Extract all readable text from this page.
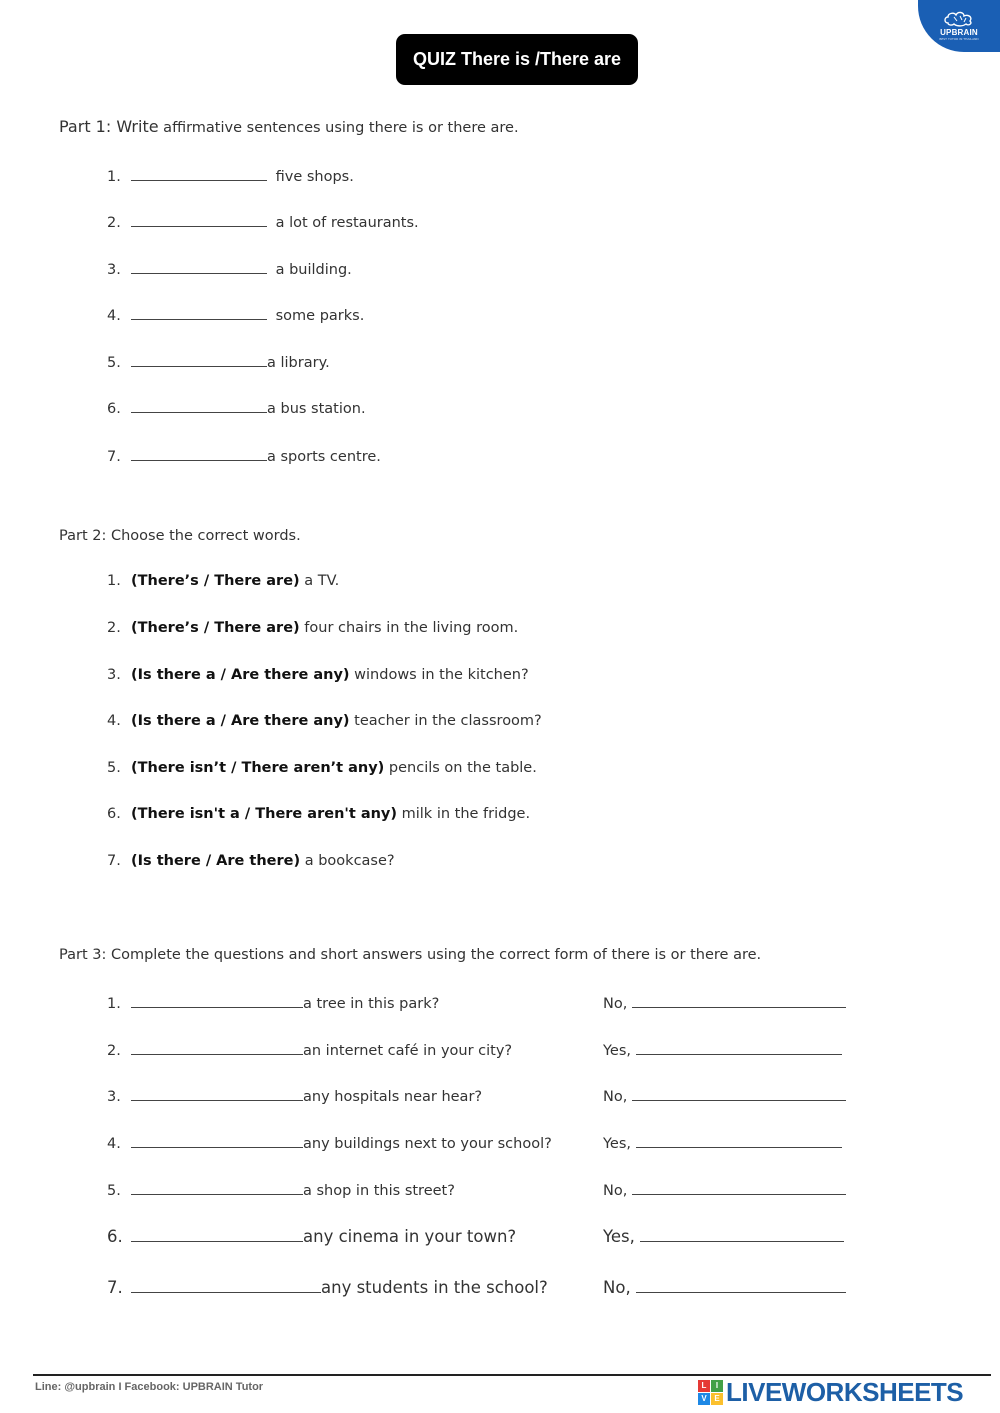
UPBRAIN
BEST TUTOR IN THAILAND
QUIZ There is /There are
Part 1: Write affirmative sentences using there is or there are.
1.	five shops.
2.	a lot of restaurants.
3.	a building.
4.	some parks.
5.	a library.
6.	a bus station.
7.	a sports centre.
Part 2: Choose the correct words.
1. (There’s / There are) a TV.
2. (There’s / There are) four chairs in the living room.
3. (Is there a / Are there any) windows in the kitchen?
4. (Is there a / Are there any) teacher in the classroom?
5. (There isn’t / There aren’t any) pencils on the table.
6. (There isn't a / There aren't any) milk in the fridge.
7. (Is there / Are there) a bookcase?
Part 3: Complete the questions and short answers using the correct form of there is or there are.
1.	a tree in this park?	No,
2.	an internet café in your city?	Yes,
3.	any hospitals near hear?	No,
4.	any buildings next to your school?	Yes,
5.	a shop in this street?	No,
6.	any cinema in your town?	Yes,
7.	any students in the school?	No,
Line: @upbrain I Facebook: UPBRAIN Tutor	L	I
V E LIVEWORKSHEETS
